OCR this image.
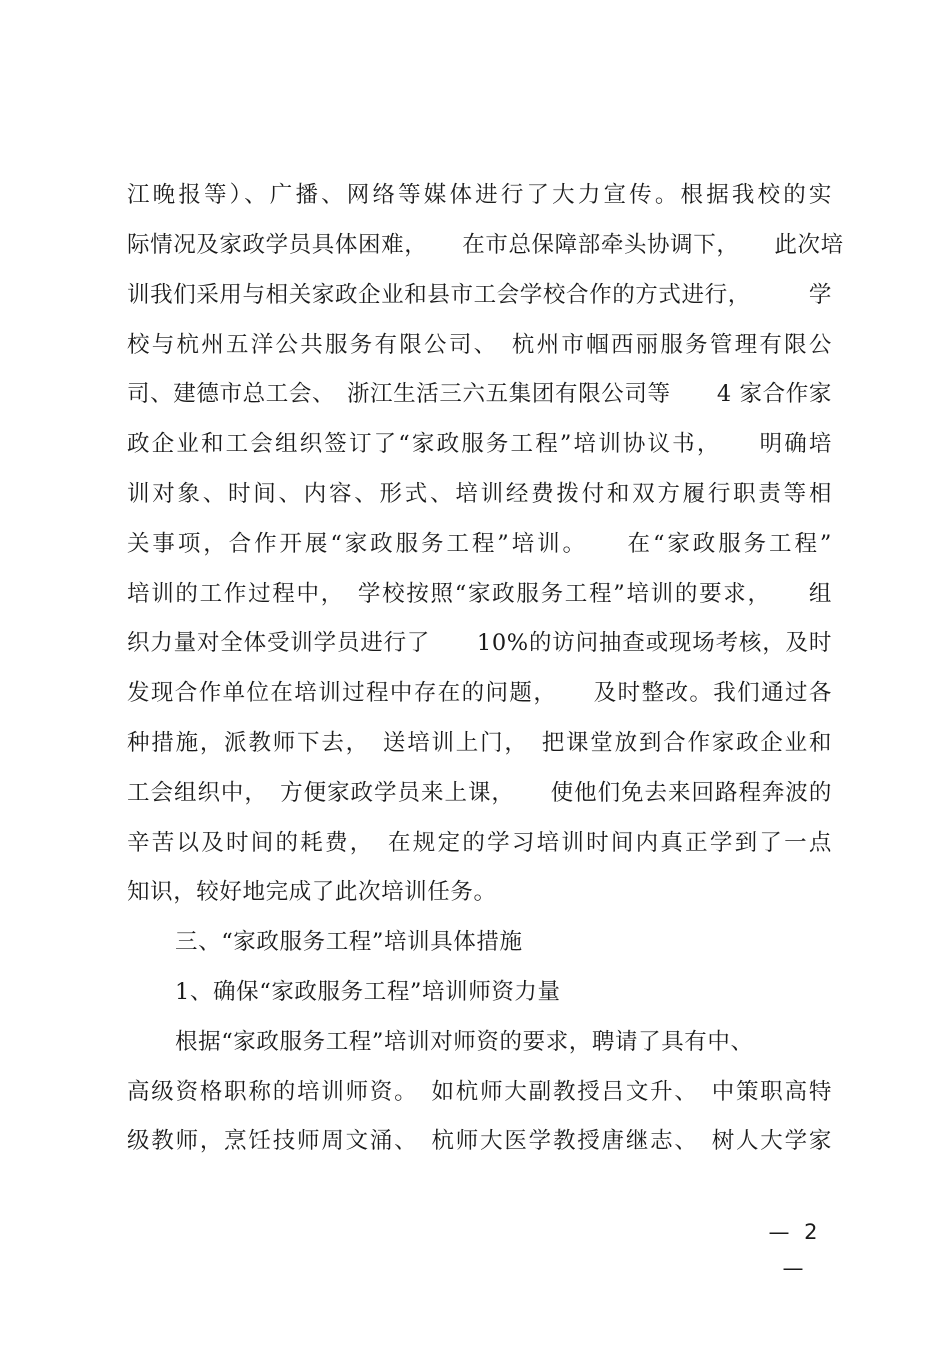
江晚报等）、广播、网络等媒体进行了大力宣传。根据我校的实
际情况及家政学员具体困难，　　在市总保障部牵头协调下，　　此次培
训我们采用与相关家政企业和县市工会学校合作的方式进行，　　　学
校与杭州五洋公共服务有限公司、　杭州市帼西丽服务管理有限公
司、建德市总工会、　浙江生活三六五集团有限公司等　　4 家合作家
政企业和工会组织签订了“家政服务工程”培训协议书，　　明确培
训对象、时间、内容、形式、培训经费拨付和双方履行职责等相
关事项，合作开展“家政服务工程”培训。　　在“家政服务工程”
培训的工作过程中，　学校按照“家政服务工程”培训的要求，　　组
织力量对全体受训学员进行了　　10%的访问抽查或现场考核，及时
发现合作单位在培训过程中存在的问题，　　及时整改。我们通过各
种措施，派教师下去，　送培训上门，　把课堂放到合作家政企业和
工会组织中，　方便家政学员来上课，　　使他们免去来回路程奔波的
辛苦以及时间的耗费，　在规定的学习培训时间内真正学到了一点
知识，较好地完成了此次培训任务。
三、“家政服务工程”培训具体措施
1、确保“家政服务工程”培训师资力量
根据“家政服务工程”培训对师资的要求，聘请了具有中、
高级资格职称的培训师资。　如杭师大副教授吕文升、　中策职高特
级教师，烹饪技师周文涌、　杭师大医学教授唐继志、　树人大学家
— 2 —
